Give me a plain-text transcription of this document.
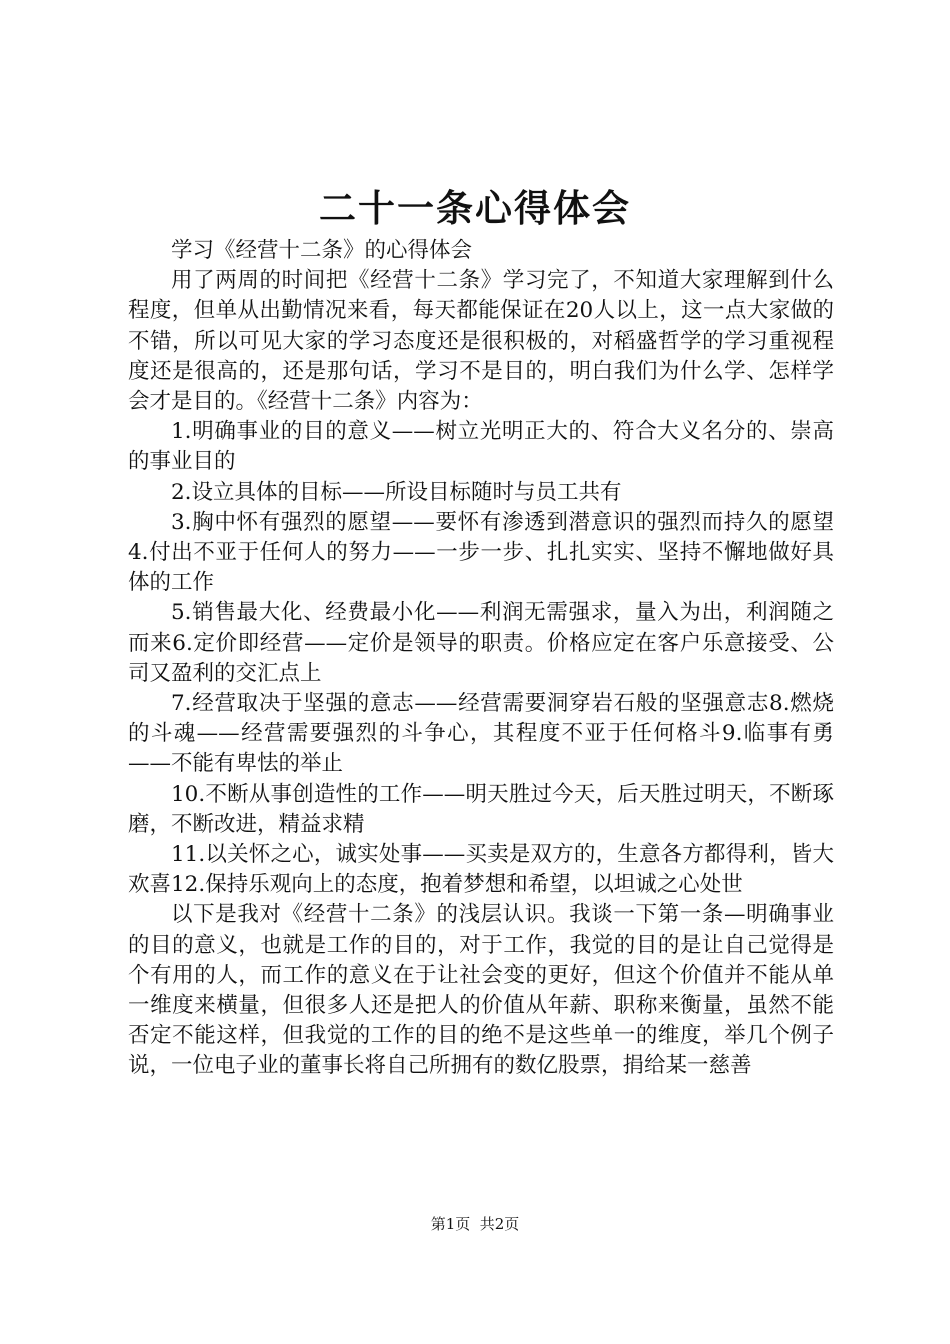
二十一条心得体会

学习《经营十二条》的心得体会

用了两周的时间把《经营十二条》学习完了，不知道大家理解到什么程度，但单从出勤情况来看，每天都能保证在20人以上，这一点大家做的不错，所以可见大家的学习态度还是很积极的，对稻盛哲学的学习重视程度还是很高的，还是那句话，学习不是目的，明白我们为什么学、怎样学会才是目的。《经营十二条》内容为：

1.明确事业的目的意义——树立光明正大的、符合大义名分的、崇高的事业目的

2.设立具体的目标——所设目标随时与员工共有

3.胸中怀有强烈的愿望——要怀有渗透到潜意识的强烈而持久的愿望4.付出不亚于任何人的努力——一步一步、扎扎实实、坚持不懈地做好具体的工作

5.销售最大化、经费最小化——利润无需强求，量入为出，利润随之而来6.定价即经营——定价是领导的职责。价格应定在客户乐意接受、公司又盈利的交汇点上

7.经营取决于坚强的意志——经营需要洞穿岩石般的坚强意志8.燃烧的斗魂——经营需要强烈的斗争心，其程度不亚于任何格斗9.临事有勇——不能有卑怯的举止

10.不断从事创造性的工作——明天胜过今天，后天胜过明天，不断琢磨，不断改进，精益求精

11.以关怀之心，诚实处事——买卖是双方的，生意各方都得利，皆大欢喜12.保持乐观向上的态度，抱着梦想和希望，以坦诚之心处世

以下是我对《经营十二条》的浅层认识。我谈一下第一条—明确事业的目的意义，也就是工作的目的，对于工作，我觉的目的是让自己觉得是个有用的人，而工作的意义在于让社会变的更好，但这个价值并不能从单一维度来横量，但很多人还是把人的价值从年薪、职称来衡量，虽然不能否定不能这样，但我觉的工作的目的绝不是这些单一的维度，举几个例子说，一位电子业的董事长将自己所拥有的数亿股票，捐给某一慈善

第1页  共2页
